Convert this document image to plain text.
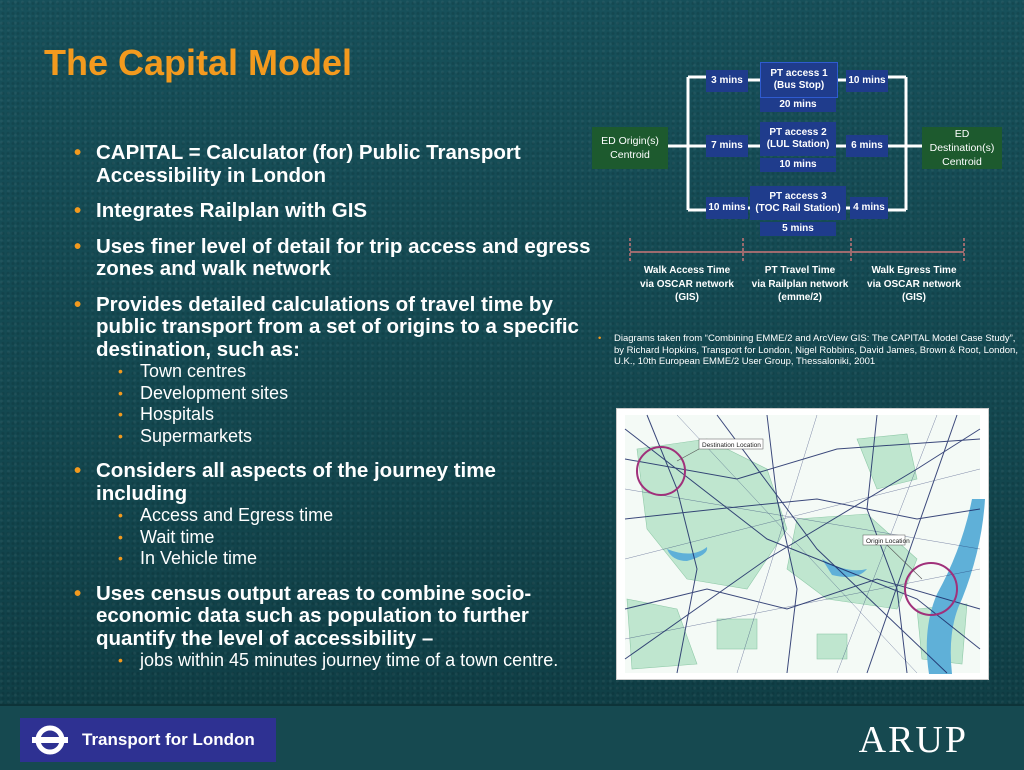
The Capital Model
• CAPITAL = Calculator (for) Public Transport Accessibility in London
• Integrates Railplan with GIS
• Uses finer level of detail for trip access and egress zones and walk network
• Provides detailed calculations of travel time by public transport from a set of origins to a specific destination, such as:
• Town centres
• Development sites
• Hospitals
• Supermarkets
• Considers all aspects of the journey time including
• Access and Egress time
• Wait time
• In Vehicle time
• Uses census output areas to combine socio-economic data such as population to further quantify the level of accessibility –
• jobs within 45 minutes journey time of a town centre.
ED Origin(s)
Centroid
ED Destination(s)
Centroid
3 mins
PT access 1
(Bus Stop)	10 mins
20 mins
7 mins
PT access 2
(LUL Station)	6 mins
10 mins
10 mins
PT access 3
(TOC Rail Station)	4 mins
5 mins
Walk Access Time
via OSCAR network
(GIS)
PT Travel Time
via Railplan network
(emme/2)
Walk Egress Time
via OSCAR network
(GIS)
• Diagrams taken from “Combining EMME/2 and ArcView GIS: The CAPITAL Model Case Study”, by Richard Hopkins, Transport for London, Nigel Robbins, David James, Brown & Root, London, U.K., 10th European EMME/2 User Group, Thessaloniki, 2001
Destination Location
Origin Location
Transport for London	ARUP
